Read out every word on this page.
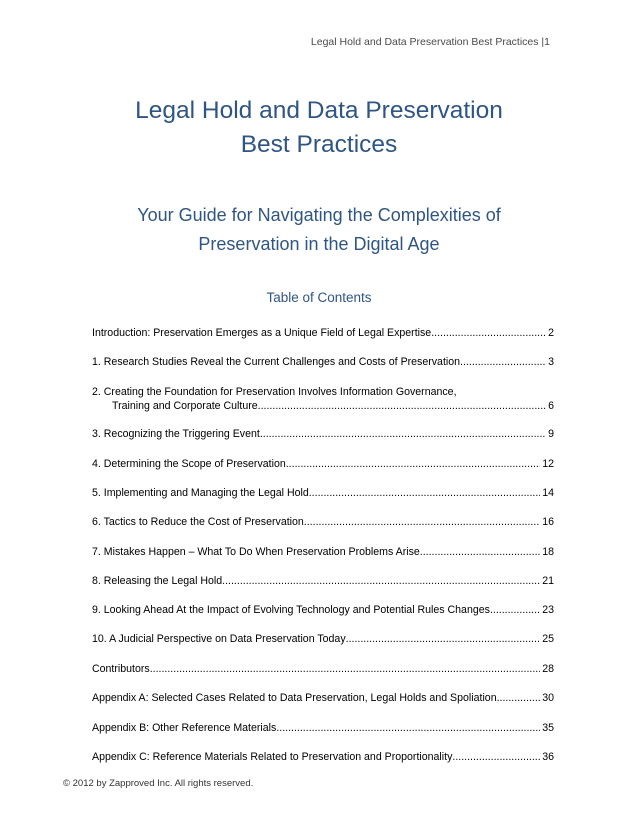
Legal Hold and Data Preservation Best Practices |1
Legal Hold and Data Preservation
Best Practices
Your Guide for Navigating the Complexities of
Preservation in the Digital Age
Table of Contents
Introduction: Preservation Emerges as a Unique Field of Legal Expertise .....	2
1. Research Studies Reveal the Current Challenges and Costs of Preservation .....	3
2. Creating the Foundation for Preservation Involves Information Governance,
Training and Corporate Culture .....	6
3. Recognizing the Triggering Event .....	9
4. Determining the Scope of Preservation .....	12
5. Implementing and Managing the Legal Hold .....	14
6. Tactics to Reduce the Cost of Preservation .....	16
7. Mistakes Happen – What To Do When Preservation Problems Arise .....	18
8. Releasing the Legal Hold .....	21
9. Looking Ahead At the Impact of Evolving Technology and Potential Rules Changes .....	23
10. A Judicial Perspective on Data Preservation Today .....	25
Contributors .....	28
Appendix A: Selected Cases Related to Data Preservation, Legal Holds and Spoliation .....	30
Appendix B: Other Reference Materials .....	35
Appendix C: Reference Materials Related to Preservation and Proportionality .....	36
© 2012 by Zapproved Inc. All rights reserved.
